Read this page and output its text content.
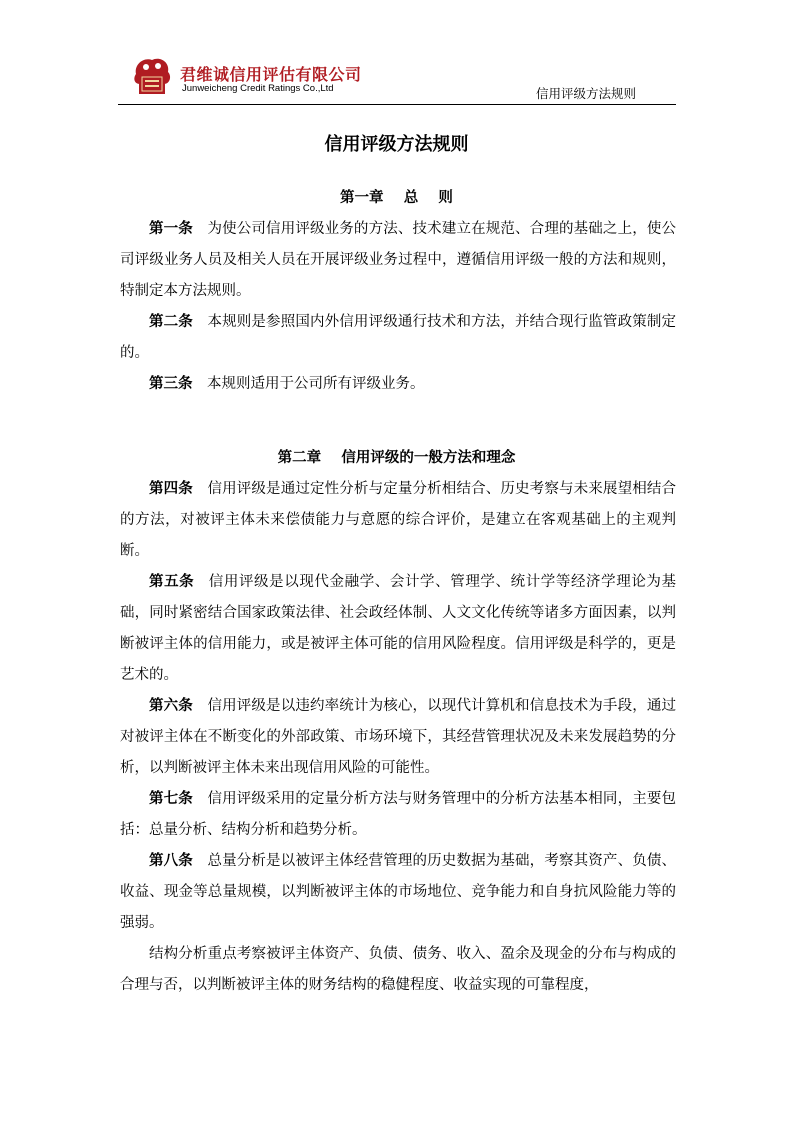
君维诚信用评估有限公司
Junweicheng Credit Ratings Co.,Ltd	信用评级方法规则
信用评级方法规则
第一章    总    则

第一条 为使公司信用评级业务的方法、技术建立在规范、合理的基础之上，使公司评级业务人员及相关人员在开展评级业务过程中，遵循信用评级一般的方法和规则，特制定本方法规则。

第二条 本规则是参照国内外信用评级通行技术和方法，并结合现行监管政策制定的。

第三条 本规则适用于公司所有评级业务。

第二章    信用评级的一般方法和理念

第四条 信用评级是通过定性分析与定量分析相结合、历史考察与未来展望相结合的方法，对被评主体未来偿债能力与意愿的综合评价，是建立在客观基础上的主观判断。

第五条 信用评级是以现代金融学、会计学、管理学、统计学等经济学理论为基础，同时紧密结合国家政策法律、社会政经体制、人文文化传统等诸多方面因素，以判断被评主体的信用能力，或是被评主体可能的信用风险程度。信用评级是科学的，更是艺术的。

第六条 信用评级是以违约率统计为核心，以现代计算机和信息技术为手段，通过对被评主体在不断变化的外部政策、市场环境下，其经营管理状况及未来发展趋势的分析，以判断被评主体未来出现信用风险的可能性。

第七条 信用评级采用的定量分析方法与财务管理中的分析方法基本相同，主要包括：总量分析、结构分析和趋势分析。

第八条 总量分析是以被评主体经营管理的历史数据为基础，考察其资产、负债、收益、现金等总量规模，以判断被评主体的市场地位、竞争能力和自身抗风险能力等的强弱。

结构分析重点考察被评主体资产、负债、债务、收入、盈余及现金的分布与构成的合理与否，以判断被评主体的财务结构的稳健程度、收益实现的可靠程度，
